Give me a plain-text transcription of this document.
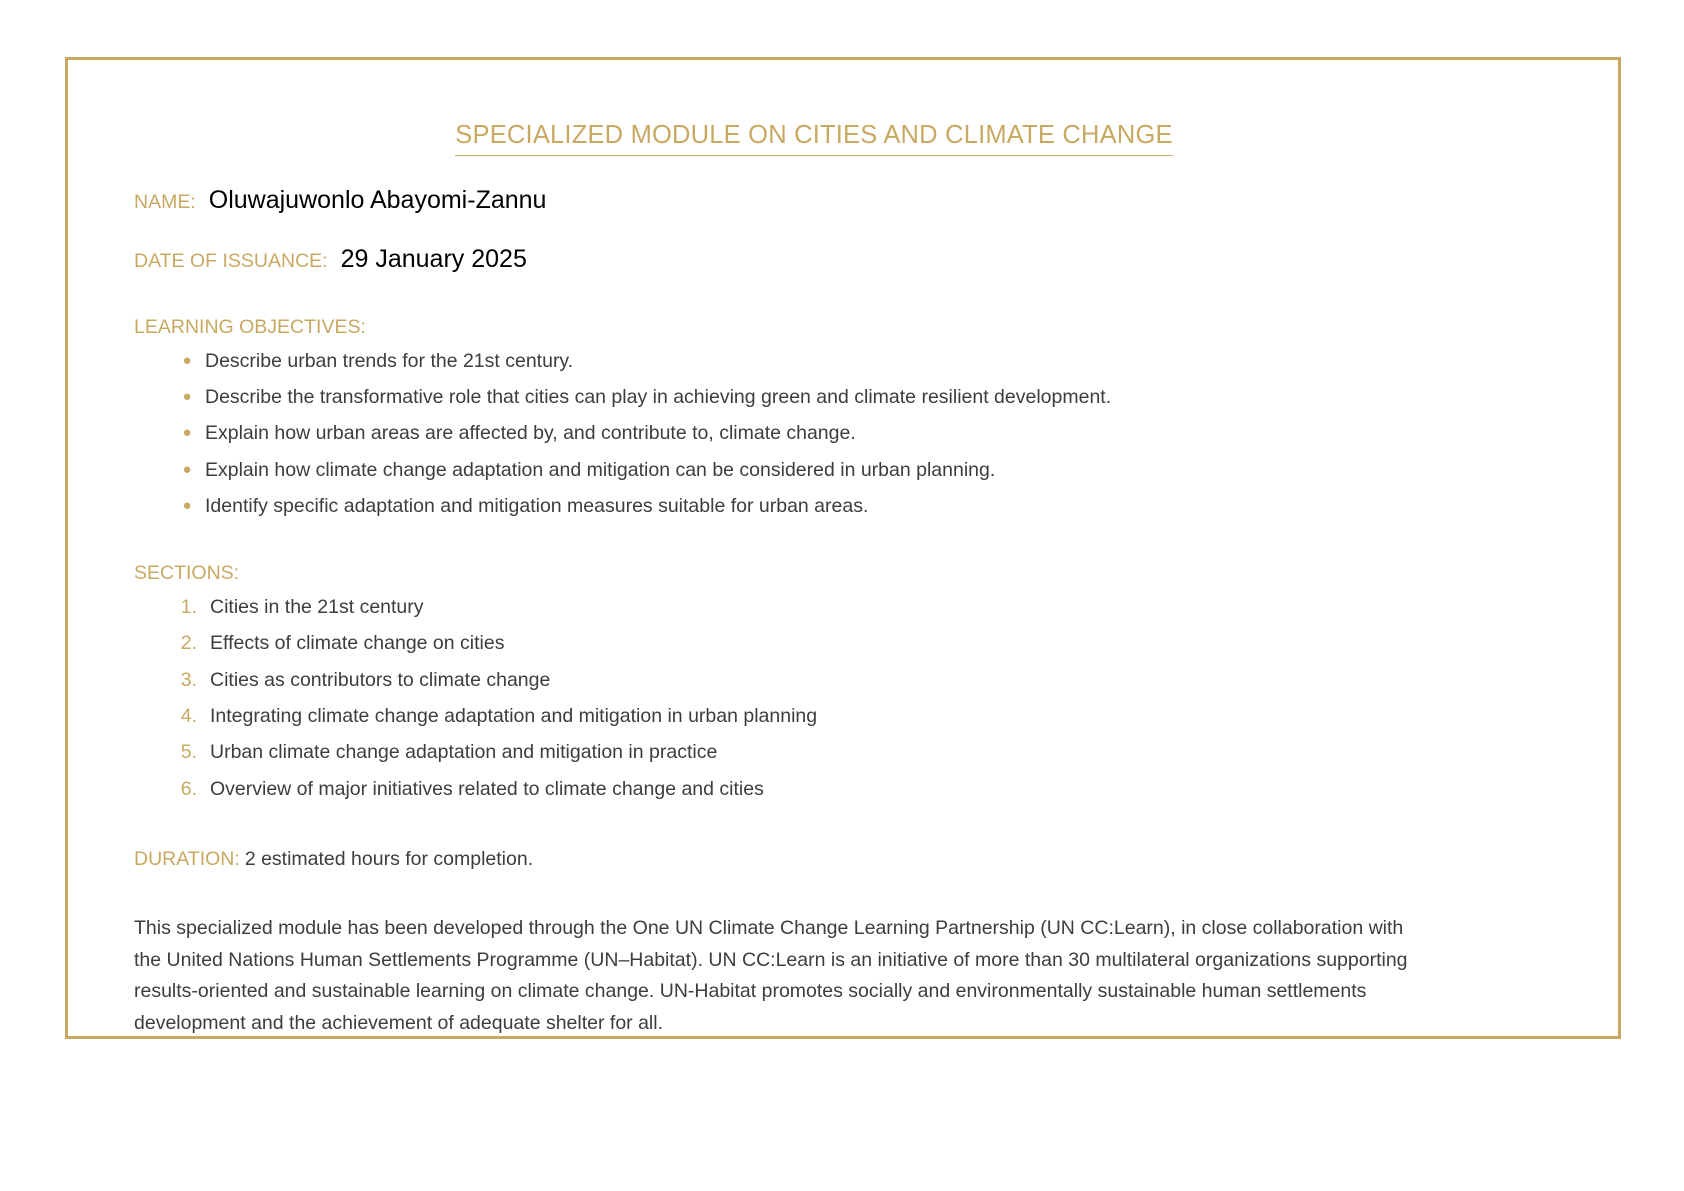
SPECIALIZED MODULE ON CITIES AND CLIMATE CHANGE
NAME: Oluwajuwonlo Abayomi-Zannu
DATE OF ISSUANCE: 29 January 2025
LEARNING OBJECTIVES:
● Describe urban trends for the 21st century.
● Describe the transformative role that cities can play in achieving green and climate resilient development.
● Explain how urban areas are affected by, and contribute to, climate change.
● Explain how climate change adaptation and mitigation can be considered in urban planning.
● Identify specific adaptation and mitigation measures suitable for urban areas.
SECTIONS:
1. Cities in the 21st century
2. Effects of climate change on cities
3. Cities as contributors to climate change
4. Integrating climate change adaptation and mitigation in urban planning
5. Urban climate change adaptation and mitigation in practice
6. Overview of major initiatives related to climate change and cities
DURATION: 2 estimated hours for completion.

This specialized module has been developed through the One UN Climate Change Learning Partnership (UN CC:Learn), in close collaboration with the United Nations Human Settlements Programme (UN–Habitat). UN CC:Learn is an initiative of more than 30 multilateral organizations supporting results-oriented and sustainable learning on climate change. UN-Habitat promotes socially and environmentally sustainable human settlements development and the achievement of adequate shelter for all.
